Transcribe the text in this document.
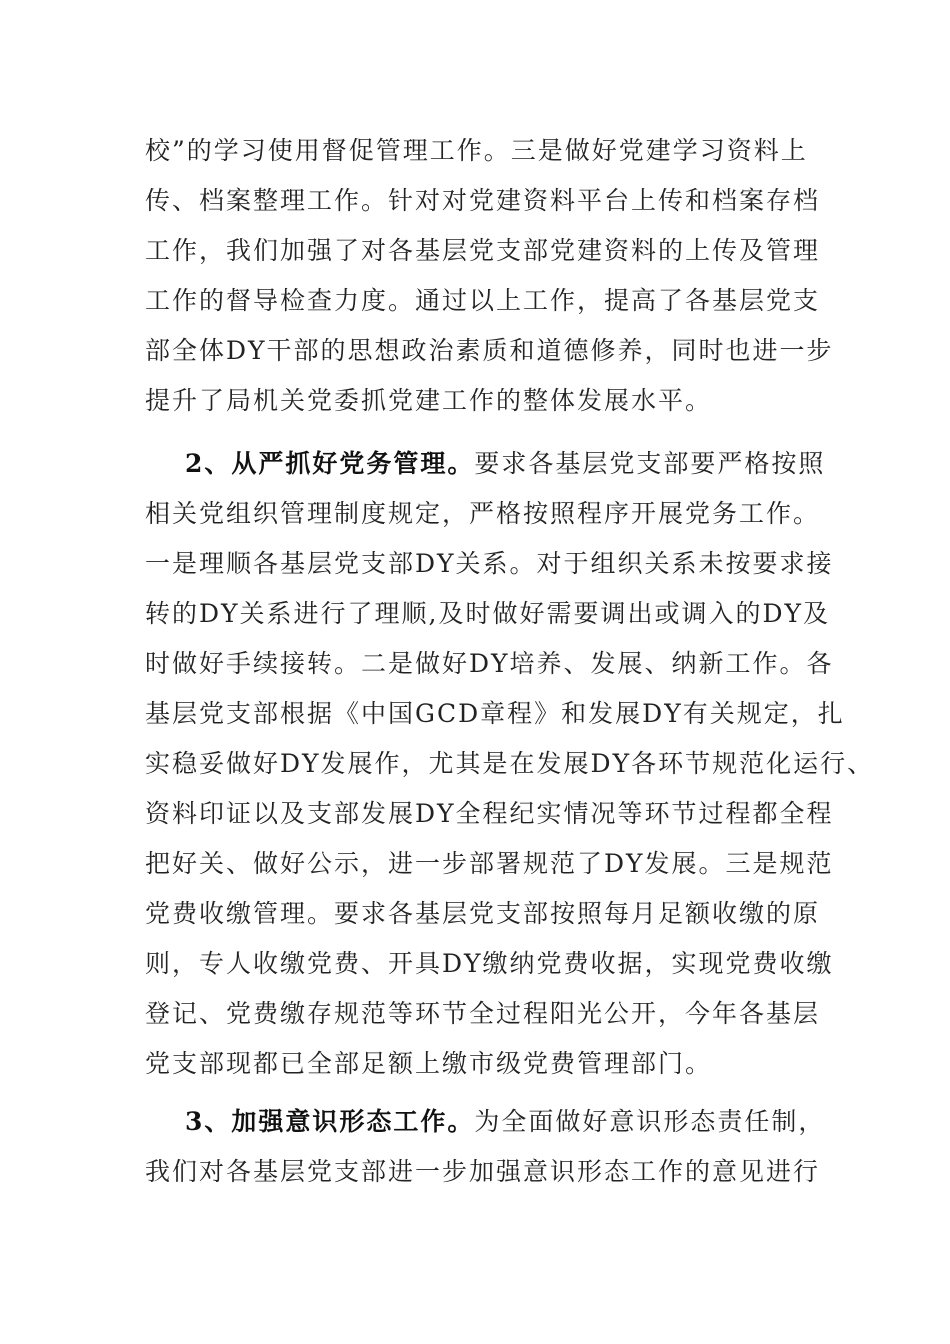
校”的学习使用督促管理工作。三是做好党建学习资料上
传、档案整理工作。针对对党建资料平台上传和档案存档
工作，我们加强了对各基层党支部党建资料的上传及管理
工作的督导检查力度。通过以上工作，提高了各基层党支
部全体DY干部的思想政治素质和道德修养，同时也进一步
提升了局机关党委抓党建工作的整体发展水平。
2、从严抓好党务管理。要求各基层党支部要严格按照
相关党组织管理制度规定，严格按照程序开展党务工作。
一是理顺各基层党支部DY关系。对于组织关系未按要求接
转的DY关系进行了理顺,及时做好需要调出或调入的DY及
时做好手续接转。二是做好DY培养、发展、纳新工作。各
基层党支部根据《中国GCD章程》和发展DY有关规定，扎
实稳妥做好DY发展作，尤其是在发展DY各环节规范化运行、
资料印证以及支部发展DY全程纪实情况等环节过程都全程
把好关、做好公示，进一步部署规范了DY发展。三是规范
党费收缴管理。要求各基层党支部按照每月足额收缴的原
则，专人收缴党费、开具DY缴纳党费收据，实现党费收缴
登记、党费缴存规范等环节全过程阳光公开，今年各基层
党支部现都已全部足额上缴市级党费管理部门。
3、加强意识形态工作。为全面做好意识形态责任制，
我们对各基层党支部进一步加强意识形态工作的意见进行
